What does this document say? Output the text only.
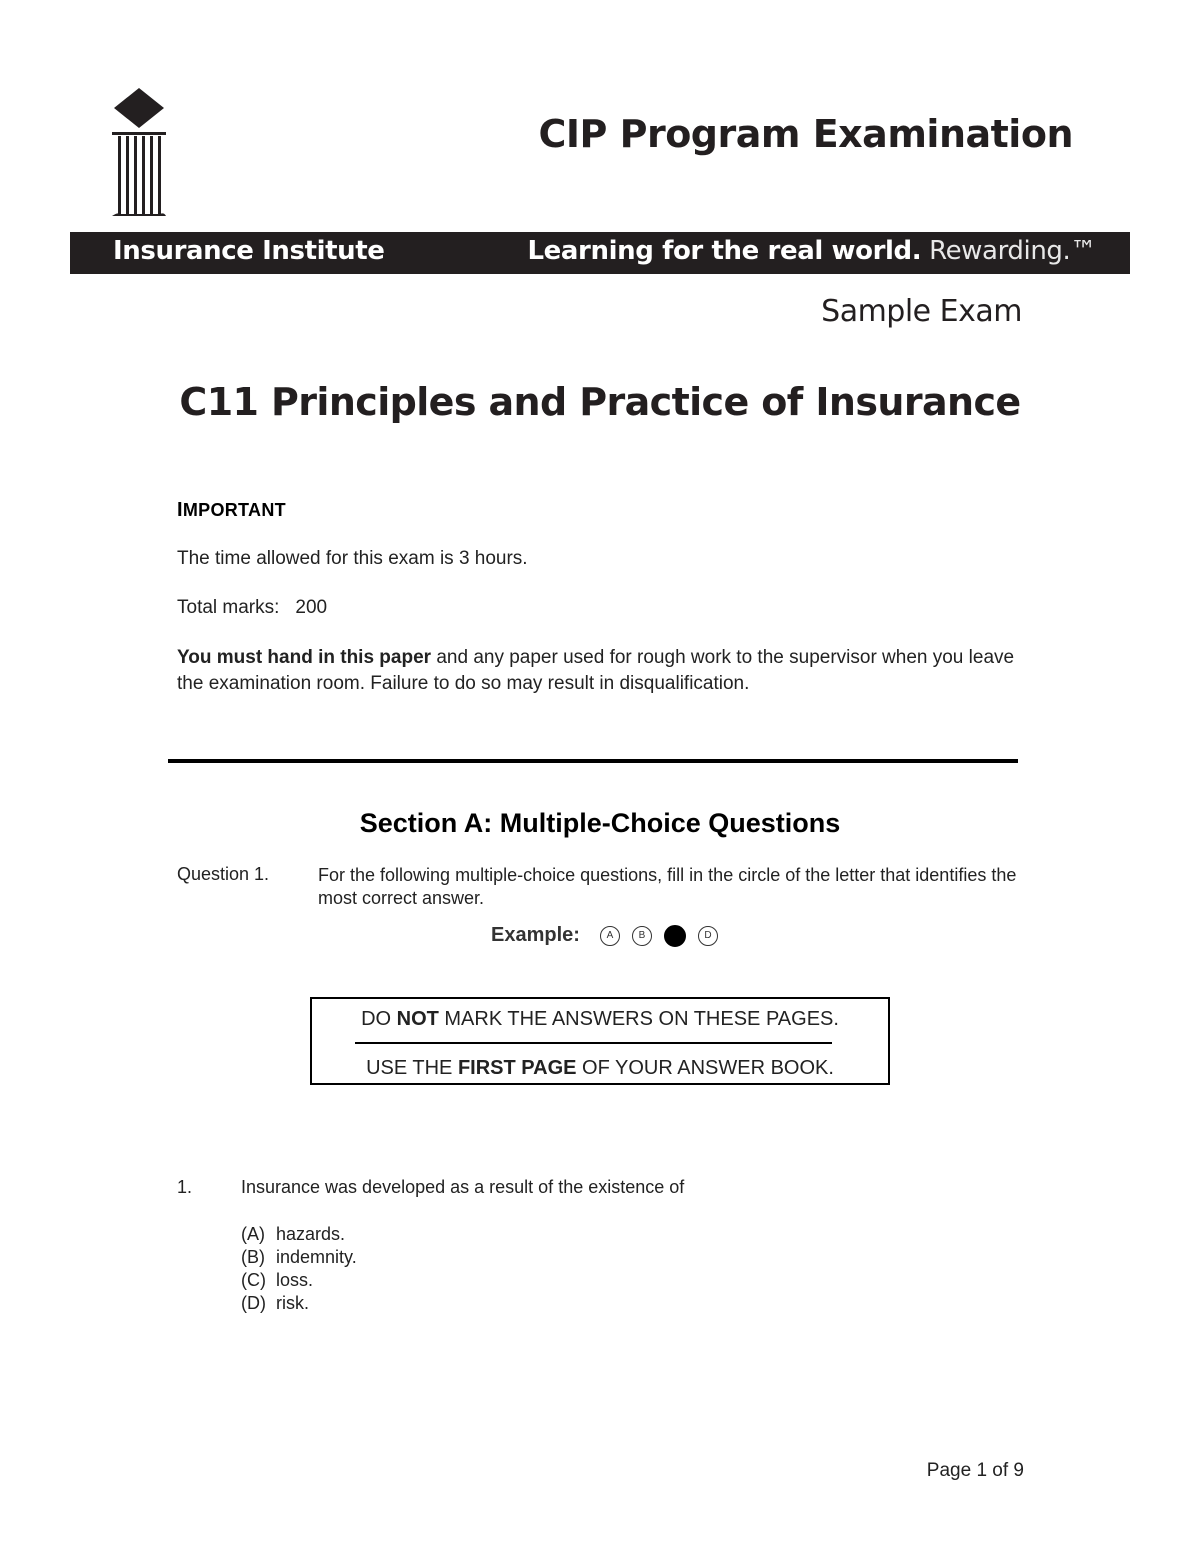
CIP Program Examination
Insurance Institute	Learning for the real world. Rewarding.™
Sample Exam
C11 Principles and Practice of Insurance
IMPORTANT
The time allowed for this exam is 3 hours.
Total marks: 200
You must hand in this paper and any paper used for rough work to the supervisor when you leave the examination room. Failure to do so may result in disqualification.
Section A: Multiple-Choice Questions
Question 1.	For the following multiple-choice questions, fill in the circle of the letter that identifies the most correct answer.
Example:	A	B	D
DO NOT MARK THE ANSWERS ON THESE PAGES.
USE THE FIRST PAGE OF YOUR ANSWER BOOK.
1.	Insurance was developed as a result of the existence of
(A) hazards.
(B) indemnity.
(C) loss.
(D) risk.
Page 1 of 9
